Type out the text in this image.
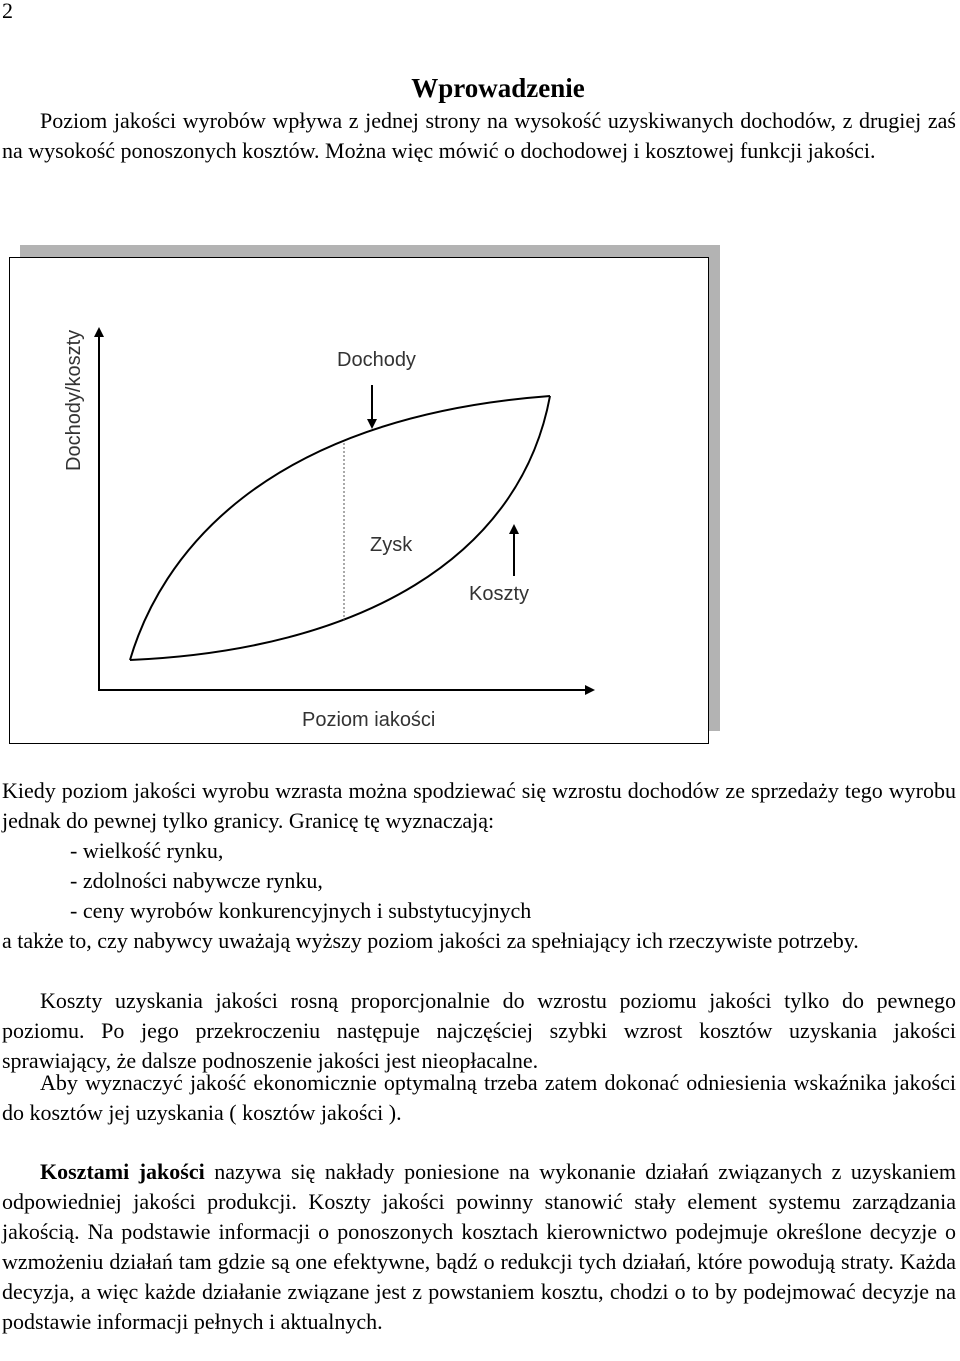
2
Wprowadzenie

Poziom jakości wyrobów wpływa z jednej strony na wysokość uzyskiwanych dochodów, z drugiej zaś na wysokość ponoszonych kosztów. Można więc mówić o dochodowej i kosztowej funkcji jakości.

Dochody
Zysk
Koszty
Poziom iakości
Dochody/koszty

Kiedy poziom jakości wyrobu wzrasta można spodziewać się wzrostu dochodów ze sprzedaży tego wyrobu jednak do pewnej tylko granicy. Granicę tę wyznaczają:

- wielkość rynku,
- zdolności nabywcze rynku,
- ceny wyrobów konkurencyjnych i substytucyjnych

a także to, czy nabywcy uważają wyższy poziom jakości za spełniający ich rzeczywiste potrzeby.

Koszty uzyskania jakości rosną proporcjonalnie do wzrostu poziomu jakości tylko do pewnego poziomu. Po jego przekroczeniu następuje najczęściej szybki wzrost kosztów uzyskania jakości sprawiający, że dalsze podnoszenie jakości jest nieopłacalne.

Aby wyznaczyć jakość ekonomicznie optymalną trzeba zatem dokonać odniesienia wskaźnika jakości do kosztów jej uzyskania ( kosztów jakości ).

Kosztami jakości nazywa się nakłady poniesione na wykonanie działań związanych z uzyskaniem odpowiedniej jakości produkcji. Koszty jakości powinny stanowić stały element systemu zarządzania jakością. Na podstawie informacji o ponoszonych kosztach kierownictwo podejmuje określone decyzje o wzmożeniu działań tam gdzie są one efektywne, bądź o redukcji tych działań, które powodują straty. Każda decyzja, a więc każde działanie związane jest z powstaniem kosztu, chodzi o to by podejmować decyzje na podstawie informacji pełnych i aktualnych.
